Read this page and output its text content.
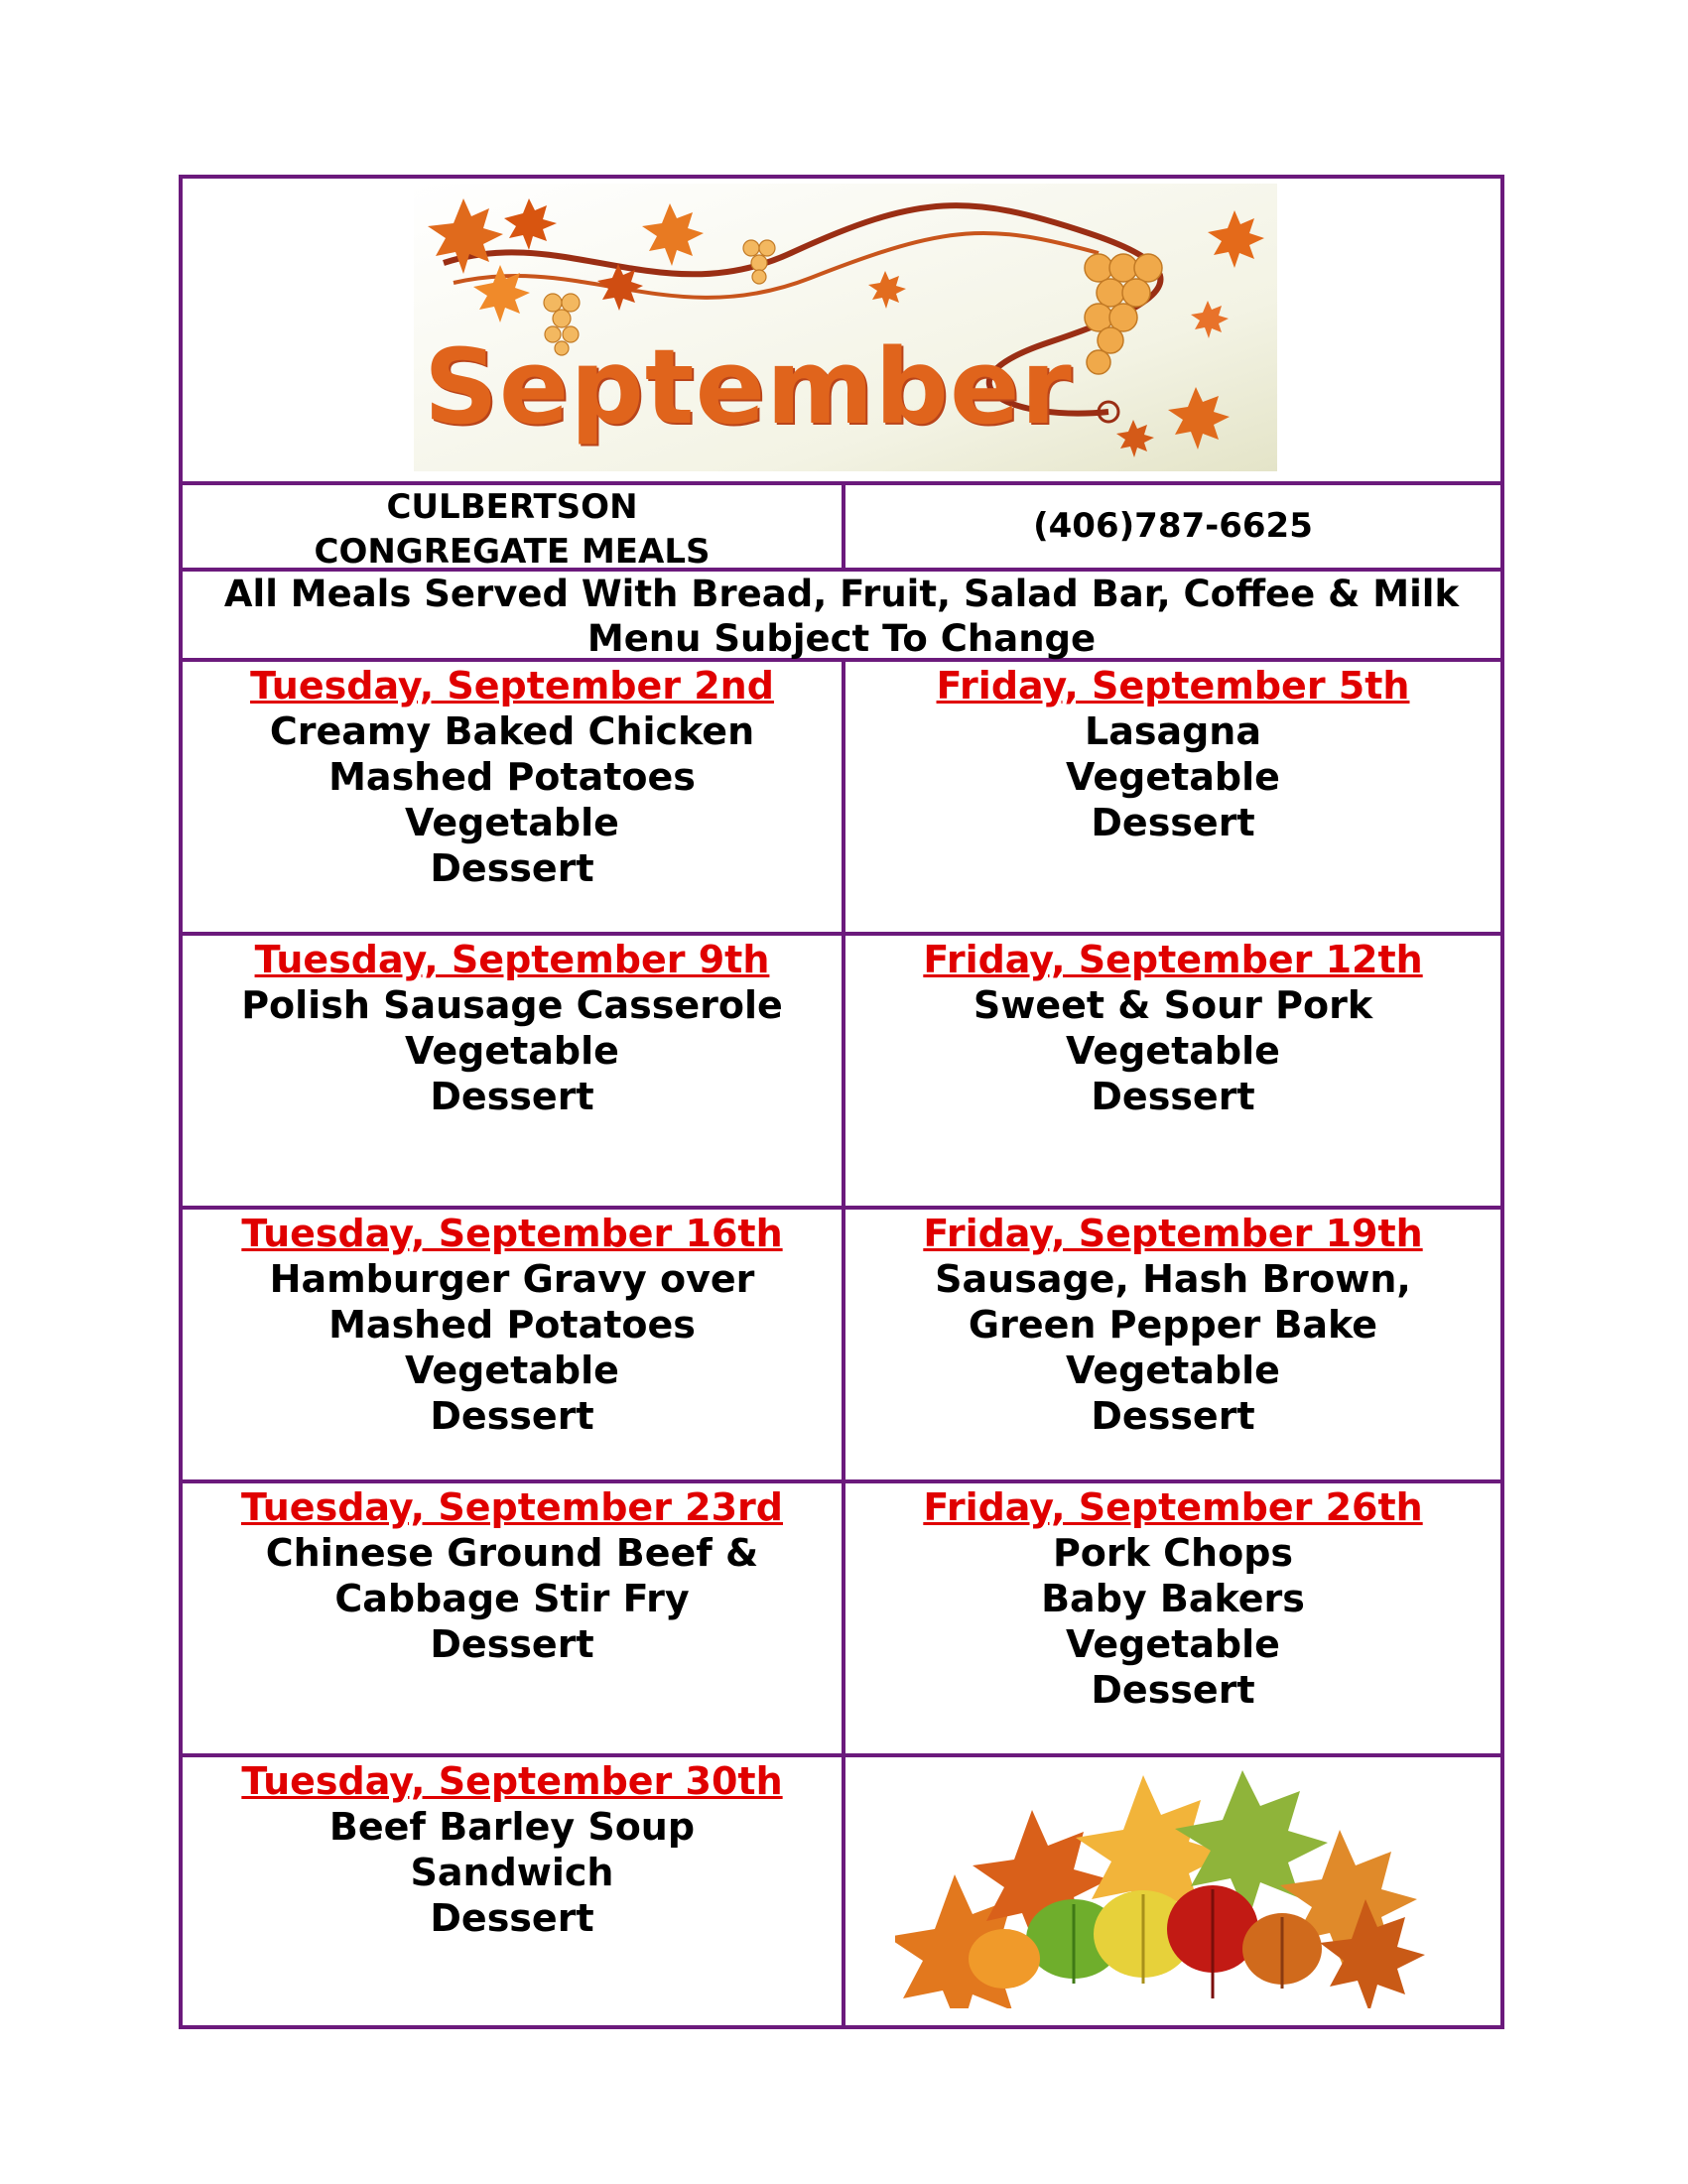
September
CULBERTSON
CONGREGATE MEALS
(406)787-6625
All Meals Served With Bread, Fruit, Salad Bar, Coffee & Milk
Menu Subject To Change
Tuesday, September 2nd
Creamy Baked Chicken
Mashed Potatoes
Vegetable
Dessert
Friday, September 5th
Lasagna
Vegetable
Dessert
Tuesday, September 9th
Polish Sausage Casserole
Vegetable
Dessert
Friday, September 12th
Sweet & Sour Pork
Vegetable
Dessert
Tuesday, September 16th
Hamburger Gravy over
Mashed Potatoes
Vegetable
Dessert
Friday, September 19th
Sausage, Hash Brown,
Green Pepper Bake
Vegetable
Dessert
Tuesday, September 23rd
Chinese Ground Beef &
Cabbage Stir Fry
Dessert
Friday, September 26th
Pork Chops
Baby Bakers
Vegetable
Dessert
Tuesday, September 30th
Beef Barley Soup
Sandwich
Dessert
